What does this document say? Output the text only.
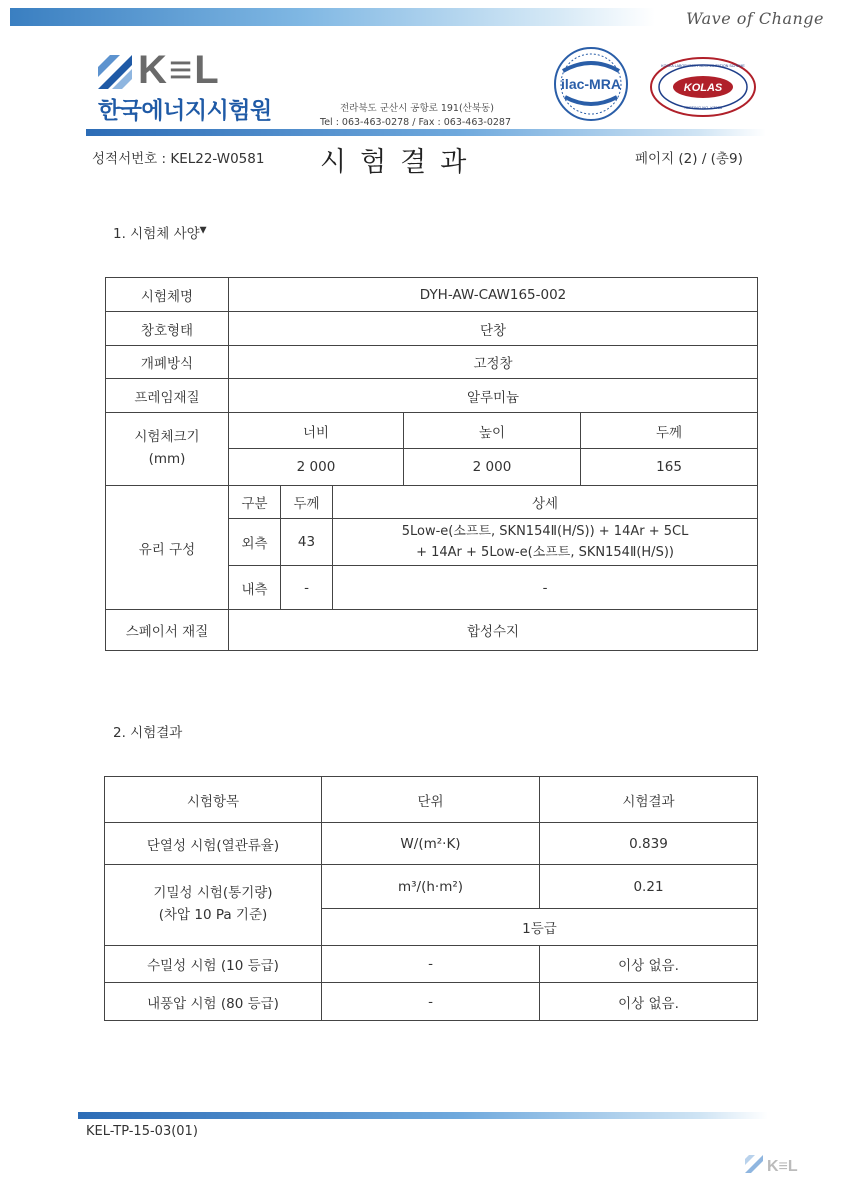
Wave of Change
K≡L
한국에너지시험원	전라북도 군산시 공항로 191(산북동)
Tel : 063-463-0278 / Fax : 063-463-0287
ilac-MRA	KOLAS
TESTING NO. KT038
KOREA LABORATORY ACCREDITATION SCHEME
성적서번호 : KEL22-W0581 시험결과	페이지 (2) / (총9)
1. 시험체 사양▼
시험체명	DYH-AW-CAW165-002				
창호형태	단창				
개폐방식	고정창				
프레임재질	알루미늄				

시험체크기
(mm)	너비			높이	두께
	2 000			2 000	165
유리 구성	구분	두께	상세		
	외측	43	5Low-e(소프트, SKN154Ⅱ(H/S)) + 14Ar + 5CL
+ 14Ar + 5Low-e(소프트, SKN154Ⅱ(H/S))		

	내측	-	-		
스페이서 재질	합성수지				
2. 시험결과
시험항목	단위	시험결과
단열성 시험(열관류율)	W/(m²·K)	0.839

기밀성 시험(통기량)
(차압 10 Pa 기준)	m³/(h·m²)	0.21
	1등급	
수밀성 시험 (10 등급)	-	이상 없음.
내풍압 시험 (80 등급)	-	이상 없음.
KEL-TP-15-03(01)
K≡L
